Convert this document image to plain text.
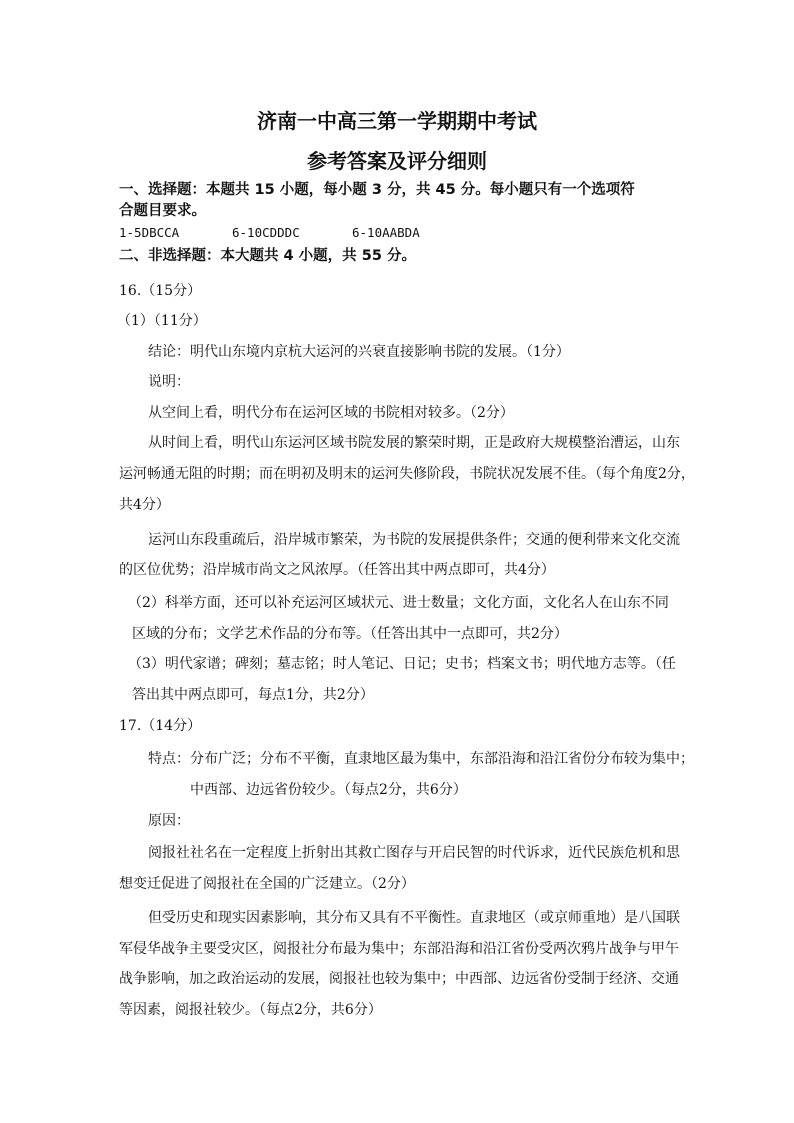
济南一中高三第一学期期中考试
参考答案及评分细则
一、选择题：本题共 15 小题，每小题 3 分，共 45 分。每小题只有一个选项符
合题目要求。
1-5DBCCA	6-10CDDDC	6-10AABDA
二、非选择题：本大题共 4 小题，共 55 分。
16.（15分）
（1）（11分）
结论：明代山东境内京杭大运河的兴衰直接影响书院的发展。（1分）
说明：
从空间上看，明代分布在运河区域的书院相对较多。（2分）
从时间上看，明代山东运河区域书院发展的繁荣时期，正是政府大规模整治漕运，山东
运河畅通无阻的时期；而在明初及明末的运河失修阶段，书院状况发展不佳。（每个角度2分，
共4分）
运河山东段重疏后，沿岸城市繁荣，为书院的发展提供条件；交通的便利带来文化交流
的区位优势；沿岸城市尚文之风浓厚。（任答出其中两点即可，共4分）
（2）科举方面，还可以补充运河区域状元、进士数量；文化方面，文化名人在山东不同
区域的分布；文学艺术作品的分布等。（任答出其中一点即可，共2分）
（3）明代家谱；碑刻；墓志铭；时人笔记、日记；史书；档案文书；明代地方志等。（任
答出其中两点即可，每点1分，共2分）
17.（14分）
特点：分布广泛；分布不平衡，直隶地区最为集中，东部沿海和沿江省份分布较为集中；
中西部、边远省份较少。（每点2分，共6分）
原因：
阅报社社名在一定程度上折射出其救亡图存与开启民智的时代诉求，近代民族危机和思
想变迁促进了阅报社在全国的广泛建立。（2分）
但受历史和现实因素影响，其分布又具有不平衡性。直隶地区（或京师重地）是八国联
军侵华战争主要受灾区，阅报社分布最为集中；东部沿海和沿江省份受两次鸦片战争与甲午
战争影响，加之政治运动的发展，阅报社也较为集中；中西部、边远省份受制于经济、交通
等因素，阅报社较少。（每点2分，共6分）
